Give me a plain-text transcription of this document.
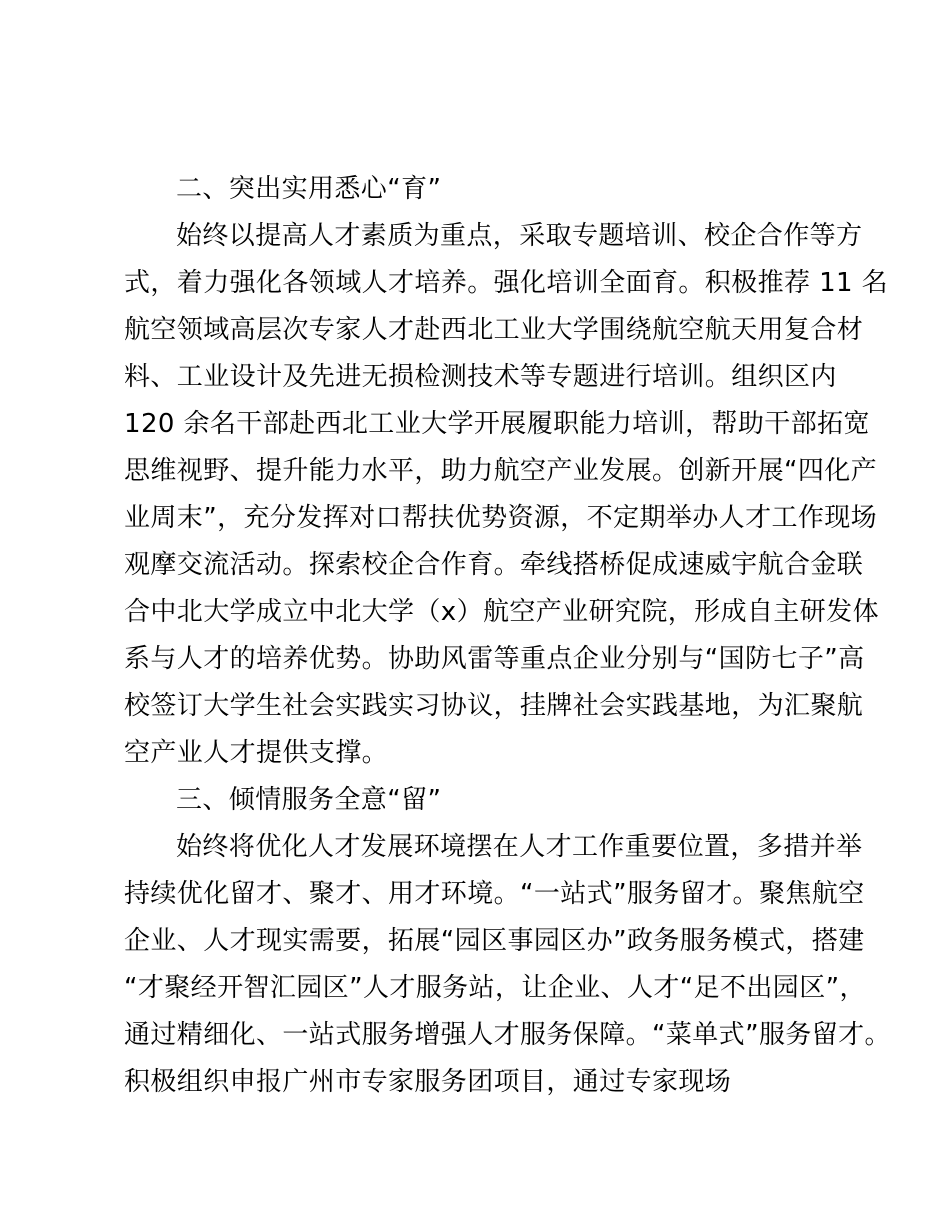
二、突出实用悉心“育”
始终以提高人才素质为重点，采取专题培训、校企合作等方
式，着力强化各领域人才培养。强化培训全面育。积极推荐 11 名
航空领域高层次专家人才赴西北工业大学围绕航空航天用复合材
料、工业设计及先进无损检测技术等专题进行培训。组织区内
120 余名干部赴西北工业大学开展履职能力培训，帮助干部拓宽
思维视野、提升能力水平，助力航空产业发展。创新开展“四化产
业周末”，充分发挥对口帮扶优势资源，不定期举办人才工作现场
观摩交流活动。探索校企合作育。牵线搭桥促成速威宇航合金联
合中北大学成立中北大学（x）航空产业研究院，形成自主研发体
系与人才的培养优势。协助风雷等重点企业分别与“国防七子”高
校签订大学生社会实践实习协议，挂牌社会实践基地，为汇聚航
空产业人才提供支撑。
三、倾情服务全意“留”
始终将优化人才发展环境摆在人才工作重要位置，多措并举
持续优化留才、聚才、用才环境。“一站式”服务留才。聚焦航空
企业、人才现实需要，拓展“园区事园区办”政务服务模式，搭建
“才聚经开智汇园区”人才服务站，让企业、人才“足不出园区”，
通过精细化、一站式服务增强人才服务保障。“菜单式”服务留才。
积极组织申报广州市专家服务团项目，通过专家现场
